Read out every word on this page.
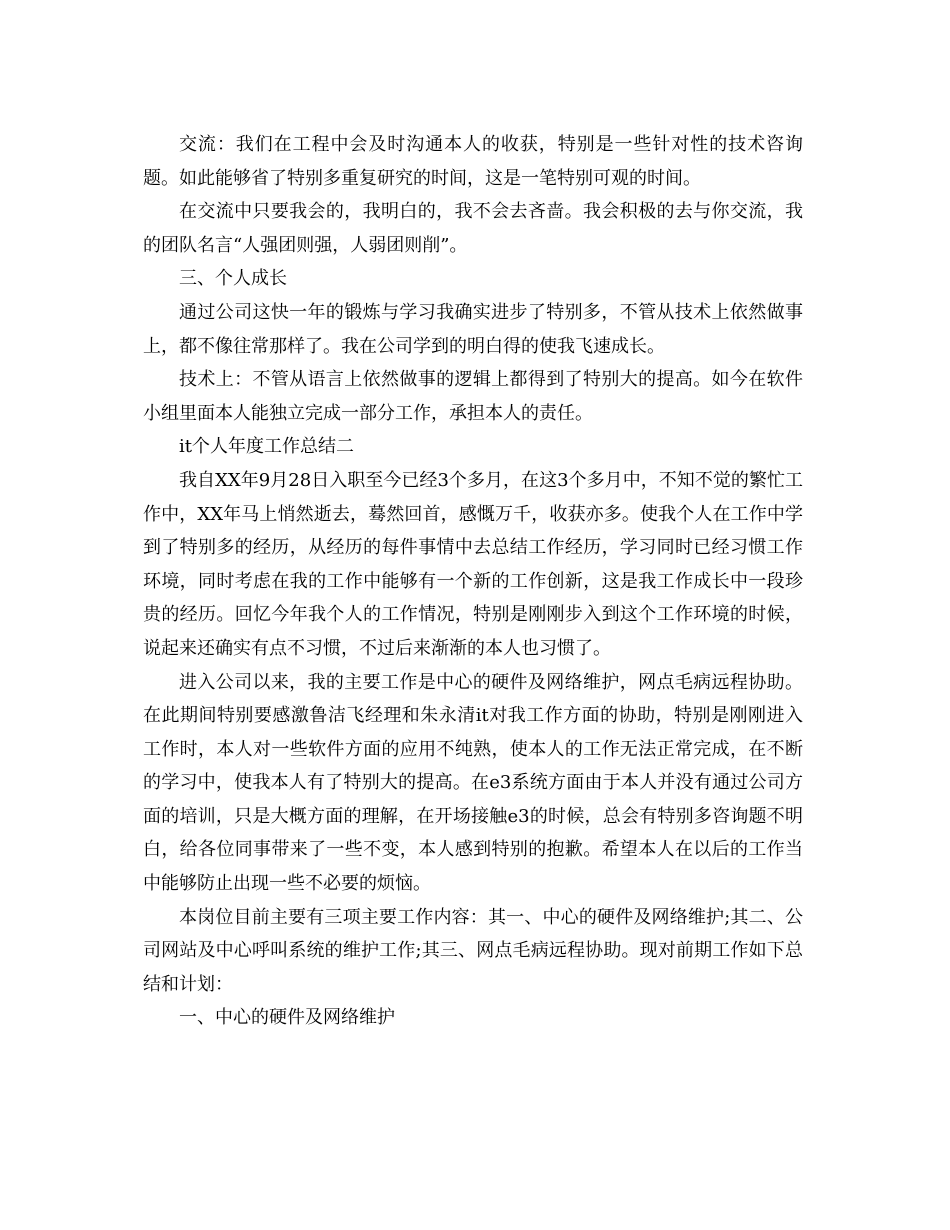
交流：我们在工程中会及时沟通本人的收获，特别是一些针对性的技术咨询题。如此能够省了特别多重复研究的时间，这是一笔特别可观的时间。

在交流中只要我会的，我明白的，我不会去吝啬。我会积极的去与你交流，我的团队名言“人强团则强，人弱团则削”。

三、个人成长

通过公司这快一年的锻炼与学习我确实进步了特别多，不管从技术上依然做事上，都不像往常那样了。我在公司学到的明白得的使我飞速成长。

技术上：不管从语言上依然做事的逻辑上都得到了特别大的提高。如今在软件小组里面本人能独立完成一部分工作，承担本人的责任。

it个人年度工作总结二

我自XX年9月28日入职至今已经3个多月，在这3个多月中，不知不觉的繁忙工作中，XX年马上悄然逝去，蓦然回首，感慨万千，收获亦多。使我个人在工作中学到了特别多的经历，从经历的每件事情中去总结工作经历，学习同时已经习惯工作环境，同时考虑在我的工作中能够有一个新的工作创新，这是我工作成长中一段珍贵的经历。回忆今年我个人的工作情况，特别是刚刚步入到这个工作环境的时候，说起来还确实有点不习惯，不过后来渐渐的本人也习惯了。

进入公司以来，我的主要工作是中心的硬件及网络维护，网点毛病远程协助。在此期间特别要感激鲁洁飞经理和朱永清it对我工作方面的协助，特别是刚刚进入工作时，本人对一些软件方面的应用不纯熟，使本人的工作无法正常完成，在不断的学习中，使我本人有了特别大的提高。在e3系统方面由于本人并没有通过公司方面的培训，只是大概方面的理解，在开场接触e3的时候，总会有特别多咨询题不明白，给各位同事带来了一些不变，本人感到特别的抱歉。希望本人在以后的工作当中能够防止出现一些不必要的烦恼。

本岗位目前主要有三项主要工作内容：其一、中心的硬件及网络维护;其二、公司网站及中心呼叫系统的维护工作;其三、网点毛病远程协助。现对前期工作如下总结和计划：

一、中心的硬件及网络维护
